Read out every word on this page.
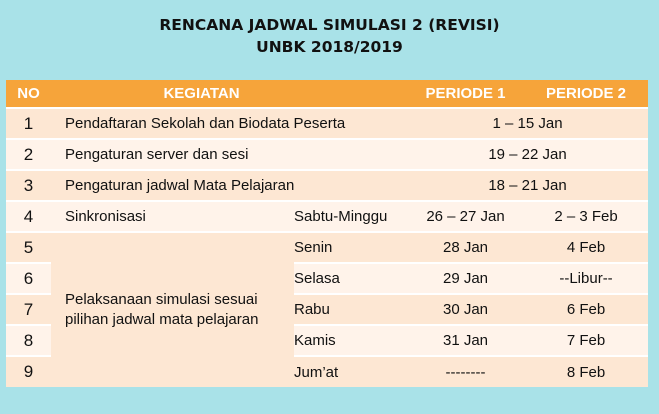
RENCANA JADWAL SIMULASI 2 (REVISI)
UNBK 2018/2019
NO	KEGIATAN		PERIODE 1	PERIODE 2
1	Pendaftaran Sekolah dan Biodata Peserta		1 – 15 Jan	
2	Pengaturan server dan sesi		19 – 22 Jan	
3	Pengaturan jadwal Mata Pelajaran		18 – 21 Jan	
4	Sinkronisasi	Sabtu-Minggu	26 – 27 Jan	2 – 3 Feb
5	Pelaksanaan simulasi sesuai pilihan jadwal mata pelajaran	Senin	28 Jan	4 Feb
6		Selasa	29 Jan	--Libur--
7		Rabu	30 Jan	6 Feb
8		Kamis	31 Jan	7 Feb
9		Jum’at	--------	8 Feb
